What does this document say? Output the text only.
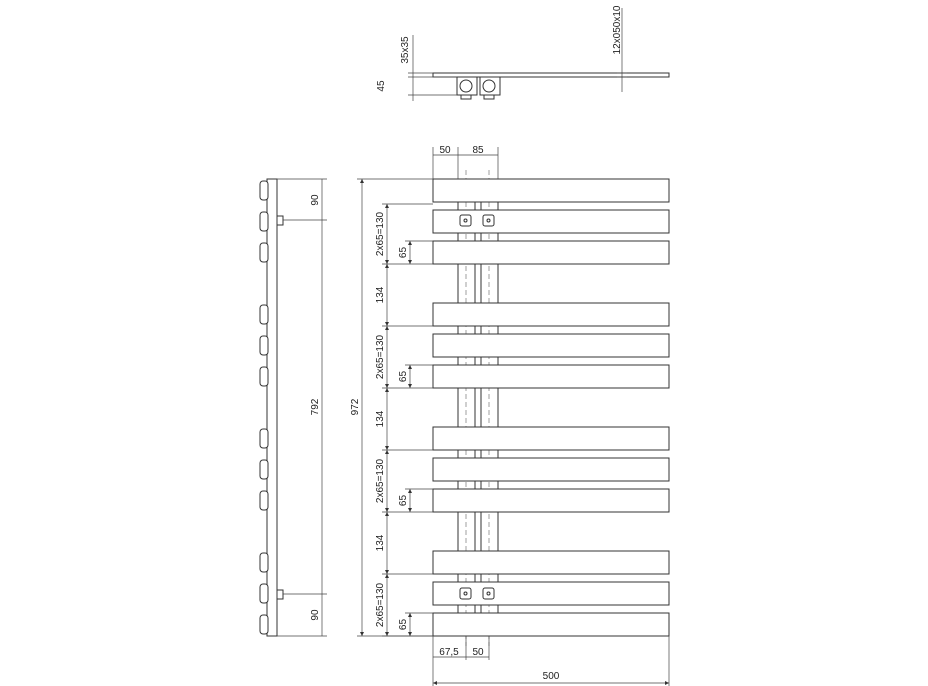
35x35
45
12x050x10
90
792
90
50 85
972
2x65=130 65
134
2x65=130 65
134
2x65=130 65
134
2x65=130 65
67,5 50
500
